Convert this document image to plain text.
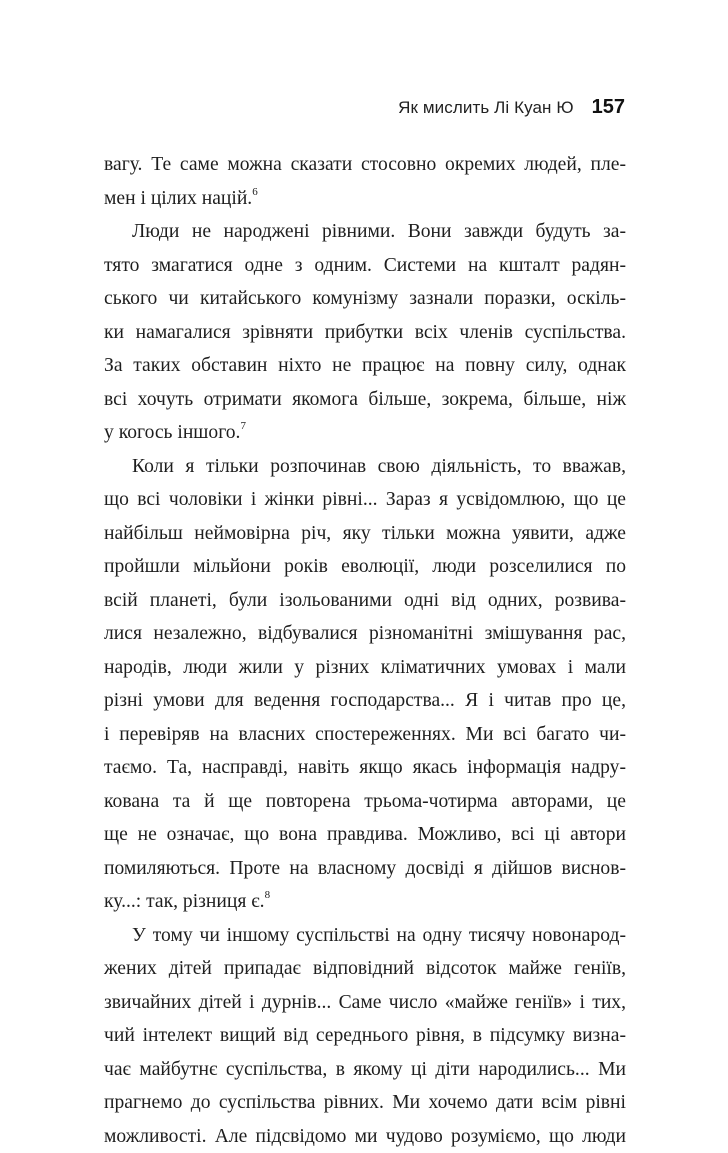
Як мислить Лі Куан Ю 157
вагу. Те саме можна сказати стосовно окремих людей, пле-
мен і цілих націй.$^6$
Люди не народжені рівними. Вони завжди будуть за-
тято змагатися одне з одним. Системи на кшталт радян-
ського чи китайського комунізму зазнали поразки, оскіль-
ки намагалися зрівняти прибутки всіх членів суспільства.
За таких обставин ніхто не працює на повну силу, однак
всі хочуть отримати якомога більше, зокрема, більше, ніж
у когось іншого.$^7$
Коли я тільки розпочинав свою діяльність, то вважав,
що всі чоловіки і жінки рівні... Зараз я усвідомлюю, що це
найбільш неймовірна річ, яку тільки можна уявити, адже
пройшли мільйони років еволюції, люди розселилися по
всій планеті, були ізольованими одні від одних, розвива-
лися незалежно, відбувалися різноманітні змішування рас,
народів, люди жили у різних кліматичних умовах і мали
різні умови для ведення господарства... Я і читав про це,
і перевіряв на власних спостереженнях. Ми всі багато чи-
таємо. Та, насправді, навіть якщо якась інформація надру-
кована та й ще повторена трьома-чотирма авторами, це
ще не означає, що вона правдива. Можливо, всі ці автори
помиляються. Проте на власному досвіді я дійшов виснов-
ку...: так, різниця є.$^8$
У тому чи іншому суспільстві на одну тисячу новонарод-
жених дітей припадає відповідний відсоток майже геніїв,
звичайних дітей і дурнів... Саме число «майже геніїв» і тих,
чий інтелект вищий від середнього рівня, в підсумку визна-
чає майбутнє суспільства, в якому ці діти народились... Ми
прагнемо до суспільства рівних. Ми хочемо дати всім рівні
можливості. Але підсвідомо ми чудово розуміємо, що люди
